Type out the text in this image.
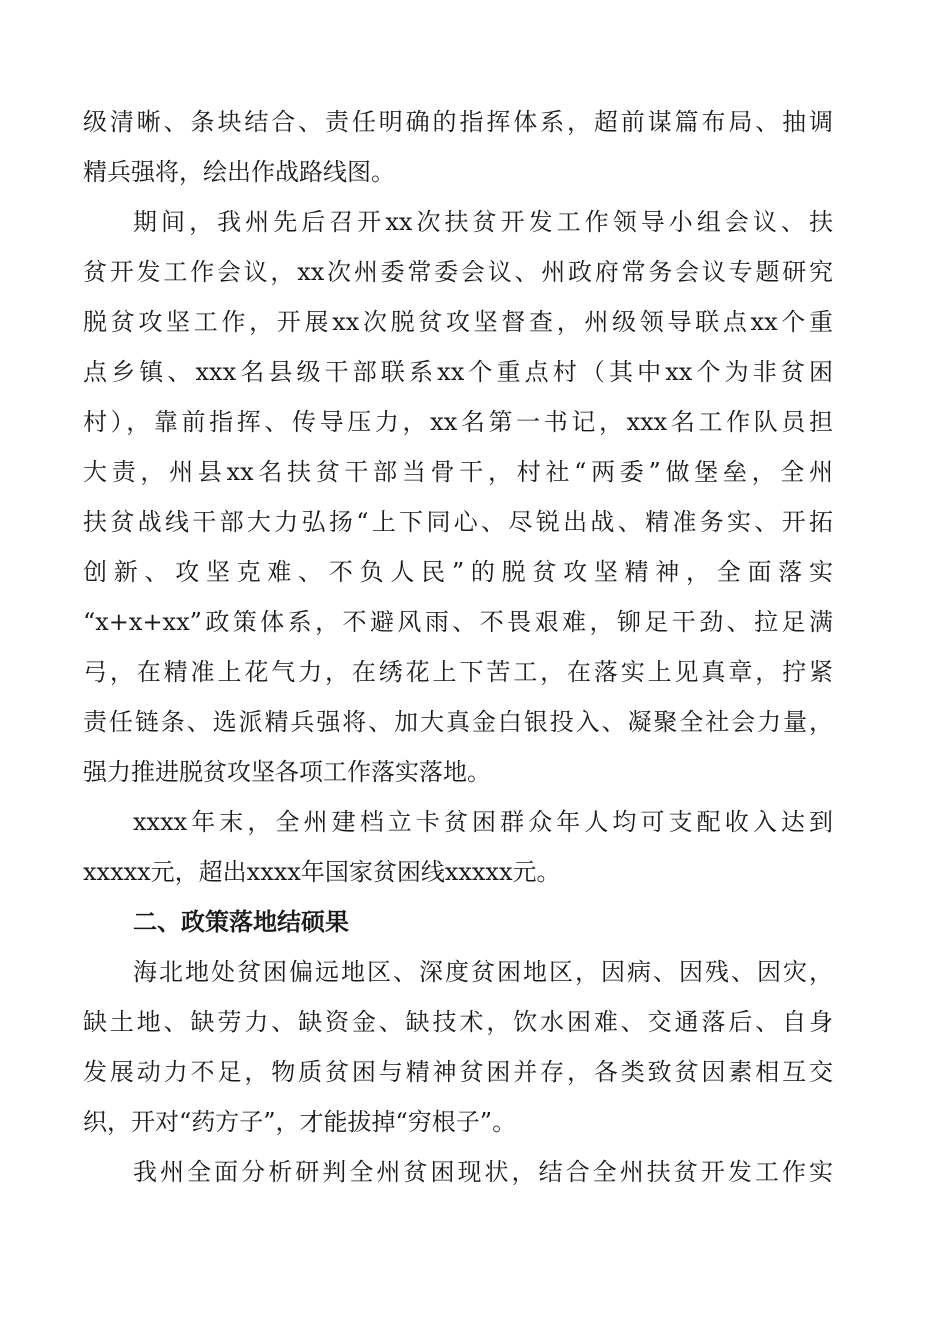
级清晰、条块结合、责任明确的指挥体系，超前谋篇布局、抽调

精兵强将，绘出作战路线图。

期间，我州先后召开xx次扶贫开发工作领导小组会议、扶

贫开发工作会议，xx次州委常委会议、州政府常务会议专题研究

脱贫攻坚工作，开展xx次脱贫攻坚督查，州级领导联点xx个重

点乡镇、xxx名县级干部联系xx个重点村（其中xx个为非贫困

村），靠前指挥、传导压力，xx名第一书记，xxx名工作队员担

大责，州县xx名扶贫干部当骨干，村社“两委”做堡垒，全州

扶贫战线干部大力弘扬“上下同心、尽锐出战、精准务实、开拓

创新、攻坚克难、不负人民”的脱贫攻坚精神，全面落实

“x+x+xx”政策体系，不避风雨、不畏艰难，铆足干劲、拉足满

弓，在精准上花气力，在绣花上下苦工，在落实上见真章，拧紧

责任链条、选派精兵强将、加大真金白银投入、凝聚全社会力量，

强力推进脱贫攻坚各项工作落实落地。

xxxx年末，全州建档立卡贫困群众年人均可支配收入达到

xxxxx元，超出xxxx年国家贫困线xxxxx元。

二、政策落地结硕果

海北地处贫困偏远地区、深度贫困地区，因病、因残、因灾，

缺土地、缺劳力、缺资金、缺技术，饮水困难、交通落后、自身

发展动力不足，物质贫困与精神贫困并存，各类致贫因素相互交

织，开对“药方子”，才能拔掉“穷根子”。

我州全面分析研判全州贫困现状，结合全州扶贫开发工作实
